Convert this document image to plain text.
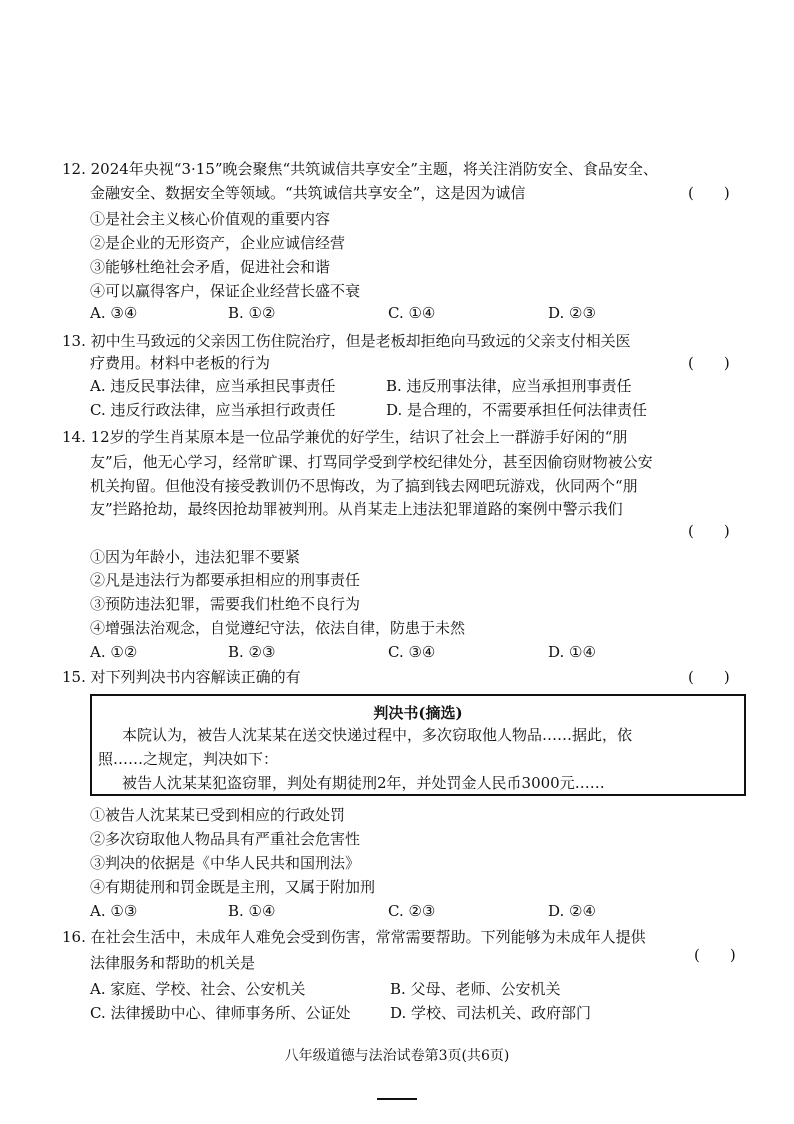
12. 2024年央视“3·15”晚会聚焦“共筑诚信共享安全”主题，将关注消防安全、食品安全、
金融安全、数据安全等领域。“共筑诚信共享安全”，这是因为诚信	(　　)
①是社会主义核心价值观的重要内容
②是企业的无形资产，企业应诚信经营
③能够杜绝社会矛盾，促进社会和谐
④可以赢得客户，保证企业经营长盛不衰
A. ③④	B. ①②	C. ①④	D. ②③
13. 初中生马致远的父亲因工伤住院治疗，但是老板却拒绝向马致远的父亲支付相关医
疗费用。材料中老板的行为	(　　)
A. 违反民事法律，应当承担民事责任	B. 违反刑事法律，应当承担刑事责任
C. 违反行政法律，应当承担行政责任	D. 是合理的，不需要承担任何法律责任
14. 12岁的学生肖某原本是一位品学兼优的好学生，结识了社会上一群游手好闲的“朋
友”后，他无心学习，经常旷课、打骂同学受到学校纪律处分，甚至因偷窃财物被公安
机关拘留。但他没有接受教训仍不思悔改，为了搞到钱去网吧玩游戏，伙同两个“朋
友”拦路抢劫，最终因抢劫罪被判刑。从肖某走上违法犯罪道路的案例中警示我们
(　　)
①因为年龄小，违法犯罪不要紧
②凡是违法行为都要承担相应的刑事责任
③预防违法犯罪，需要我们杜绝不良行为
④增强法治观念，自觉遵纪守法，依法自律，防患于未然
A. ①②	B. ②③	C. ③④	D. ①④
15. 对下列判决书内容解读正确的有	(　　)
判决书(摘选)
本院认为，被告人沈某某在送交快递过程中，多次窃取他人物品……据此，依
照……之规定，判决如下：
被告人沈某某犯盗窃罪，判处有期徒刑2年，并处罚金人民币3000元……
①被告人沈某某已受到相应的行政处罚
②多次窃取他人物品具有严重社会危害性
③判决的依据是《中华人民共和国刑法》
④有期徒刑和罚金既是主刑，又属于附加刑
A. ①③	B. ①④	C. ②③	D. ②④
16. 在社会生活中，未成年人难免会受到伤害，常常需要帮助。下列能够为未成年人提供
法律服务和帮助的机关是	(　　)
A. 家庭、学校、社会、公安机关	B. 父母、老师、公安机关
C. 法律援助中心、律师事务所、公证处	D. 学校、司法机关、政府部门
八年级道德与法治试卷第3页(共6页)
